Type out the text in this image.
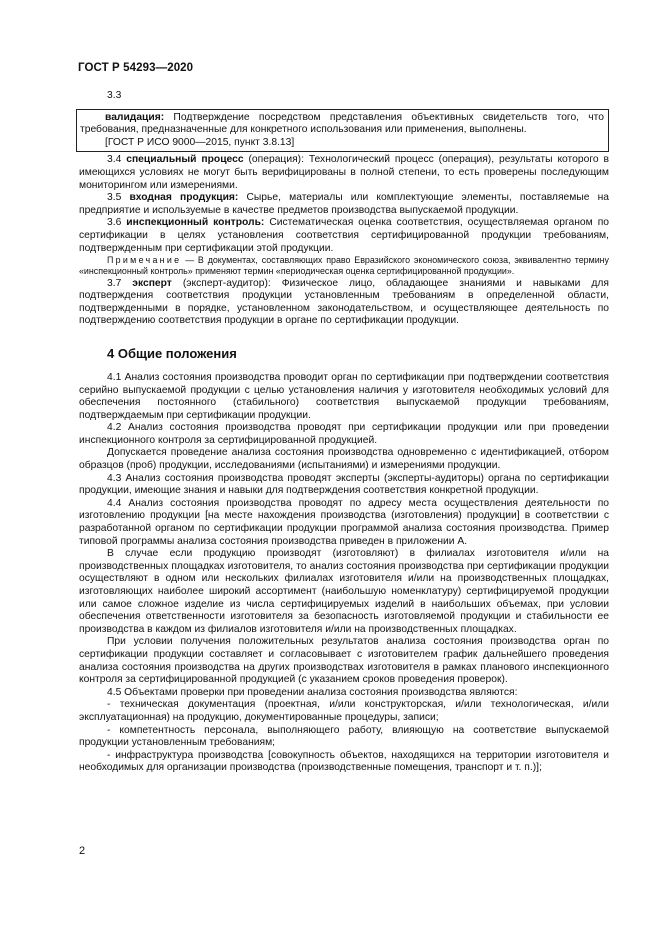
ГОСТ Р 54293—2020
3.3

валидация: Подтверждение посредством представления объективных свидетельств того, что требования, предназначенные для конкретного использования или применения, выполнены.

[ГОСТ Р ИСО 9000—2015, пункт 3.8.13]

3.4 специальный процесс (операция): Технологический процесс (операция), результаты которого в имеющихся условиях не могут быть верифицированы в полной степени, то есть проверены последующим мониторингом или измерениями.

3.5 входная продукция: Сырье, материалы или комплектующие элементы, поставляемые на предприятие и используемые в качестве предметов производства выпускаемой продукции.

3.6 инспекционный контроль: Систематическая оценка соответствия, осуществляемая органом по сертификации в целях установления соответствия сертифицированной продукции требованиям, подтвержденным при сертификации этой продукции.

Примечание — В документах, составляющих право Евразийского экономического союза, эквивалентно термину «инспекционный контроль» применяют термин «периодическая оценка сертифицированной продукции».

3.7 эксперт (эксперт-аудитор): Физическое лицо, обладающее знаниями и навыками для подтверждения соответствия продукции установленным требованиям в определенной области, подтвержденными в порядке, установленном законодательством, и осуществляющее деятельность по подтверждению соответствия продукции в органе по сертификации продукции.

4 Общие положения

4.1 Анализ состояния производства проводит орган по сертификации при подтверждении соответствия серийно выпускаемой продукции с целью установления наличия у изготовителя необходимых условий для обеспечения постоянного (стабильного) соответствия выпускаемой продукции требованиям, подтверждаемым при сертификации продукции.

4.2 Анализ состояния производства проводят при сертификации продукции или при проведении инспекционного контроля за сертифицированной продукцией.

Допускается проведение анализа состояния производства одновременно с идентификацией, отбором образцов (проб) продукции, исследованиями (испытаниями) и измерениями продукции.

4.3 Анализ состояния производства проводят эксперты (эксперты-аудиторы) органа по сертификации продукции, имеющие знания и навыки для подтверждения соответствия конкретной продукции.

4.4 Анализ состояния производства проводят по адресу места осуществления деятельности по изготовлению продукции [на месте нахождения производства (изготовления) продукции] в соответствии с разработанной органом по сертификации продукции программой анализа состояния производства. Пример типовой программы анализа состояния производства приведен в приложении А.

В случае если продукцию производят (изготовляют) в филиалах изготовителя и/или на производственных площадках изготовителя, то анализ состояния производства при сертификации продукции осуществляют в одном или нескольких филиалах изготовителя и/или на производственных площадках, изготовляющих наиболее широкий ассортимент (наибольшую номенклатуру) сертифицируемой продукции или самое сложное изделие из числа сертифицируемых изделий в наибольших объемах, при условии обеспечения ответственности изготовителя за безопасность изготовляемой продукции и стабильности ее производства в каждом из филиалов изготовителя и/или на производственных площадках.

При условии получения положительных результатов анализа состояния производства орган по сертификации продукции составляет и согласовывает с изготовителем график дальнейшего проведения анализа состояния производства на других производствах изготовителя в рамках планового инспекционного контроля за сертифицированной продукцией (с указанием сроков проведения проверок).

4.5 Объектами проверки при проведении анализа состояния производства являются:

- техническая документация (проектная, и/или конструкторская, и/или технологическая, и/или эксплуатационная) на продукцию, документированные процедуры, записи;

- компетентность персонала, выполняющего работу, влияющую на соответствие выпускаемой продукции установленным требованиям;

- инфраструктура производства [совокупность объектов, находящихся на территории изготовителя и необходимых для организации производства (производственные помещения, транспорт и т. п.)];

2
